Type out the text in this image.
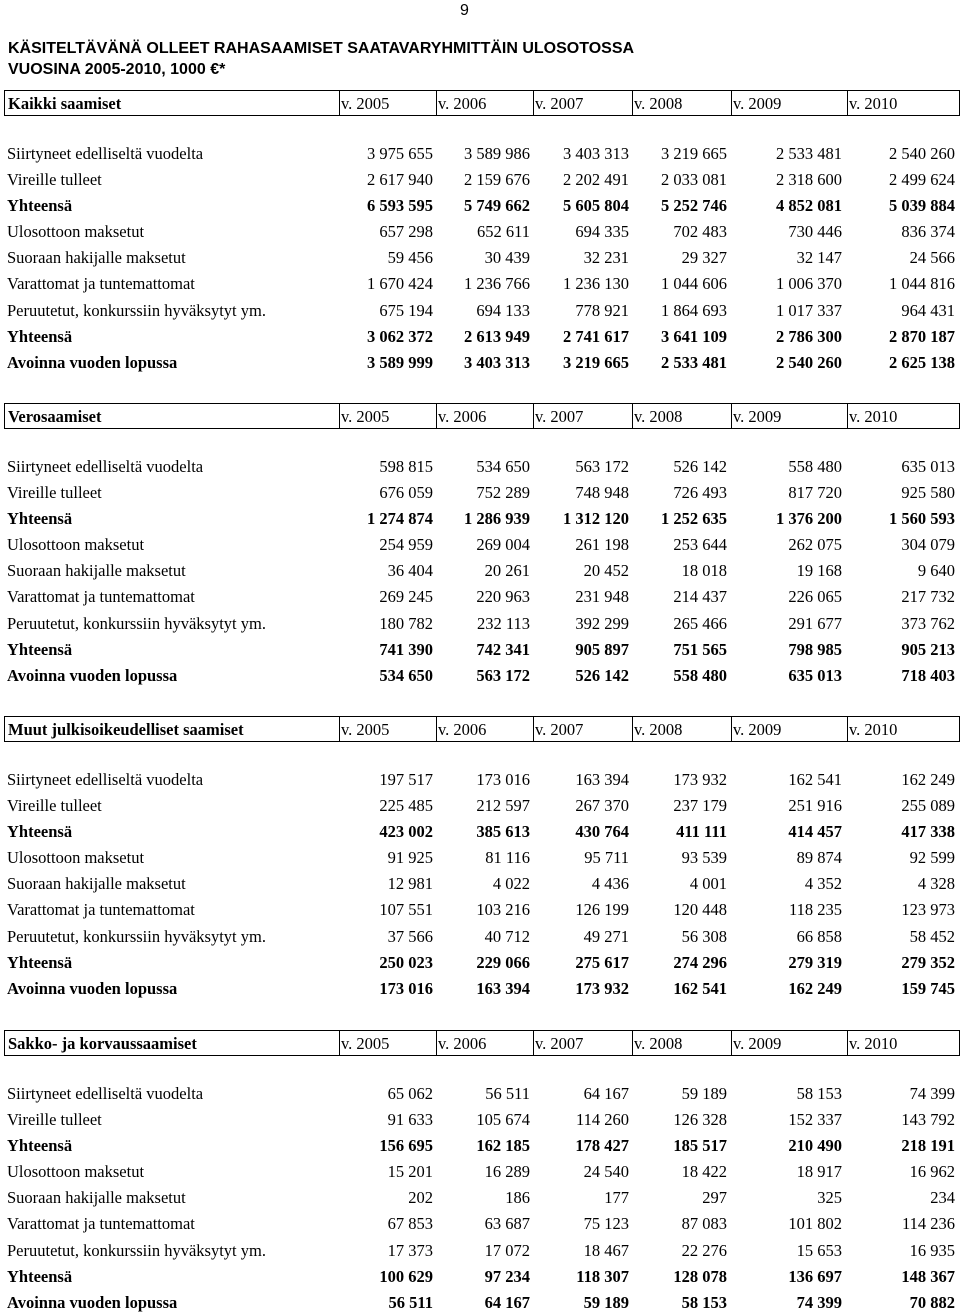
9
KÄSITELTÄVÄNÄ OLLEET RAHASAAMISET SAATAVARYHMITTÄIN ULOSOTOSSA
VUOSINA 2005-2010, 1000 €*
Kaikki saamiset	v. 2005	v. 2006	v. 2007	v. 2008	v. 2009	v. 2010
Siirtyneet edelliseltä vuodelta	3 975 655	3 589 986	3 403 313	3 219 665	2 533 481	2 540 260
Vireille tulleet	2 617 940	2 159 676	2 202 491	2 033 081	2 318 600	2 499 624
Yhteensä	6 593 595	5 749 662	5 605 804	5 252 746	4 852 081	5 039 884
Ulosottoon maksetut	657 298	652 611	694 335	702 483	730 446	836 374
Suoraan hakijalle maksetut	59 456	30 439	32 231	29 327	32 147	24 566
Varattomat ja tuntemattomat	1 670 424	1 236 766	1 236 130	1 044 606	1 006 370	1 044 816
Peruutetut, konkurssiin hyväksytyt ym.	675 194	694 133	778 921	1 864 693	1 017 337	964 431
Yhteensä	3 062 372	2 613 949	2 741 617	3 641 109	2 786 300	2 870 187
Avoinna vuoden lopussa	3 589 999	3 403 313	3 219 665	2 533 481	2 540 260	2 625 138
Verosaamiset	v. 2005	v. 2006	v. 2007	v. 2008	v. 2009	v. 2010
Siirtyneet edelliseltä vuodelta	598 815	534 650	563 172	526 142	558 480	635 013
Vireille tulleet	676 059	752 289	748 948	726 493	817 720	925 580
Yhteensä	1 274 874	1 286 939	1 312 120	1 252 635	1 376 200	1 560 593
Ulosottoon maksetut	254 959	269 004	261 198	253 644	262 075	304 079
Suoraan hakijalle maksetut	36 404	20 261	20 452	18 018	19 168	9 640
Varattomat ja tuntemattomat	269 245	220 963	231 948	214 437	226 065	217 732
Peruutetut, konkurssiin hyväksytyt ym.	180 782	232 113	392 299	265 466	291 677	373 762
Yhteensä	741 390	742 341	905 897	751 565	798 985	905 213
Avoinna vuoden lopussa	534 650	563 172	526 142	558 480	635 013	718 403
Muut julkisoikeudelliset saamiset	v. 2005	v. 2006	v. 2007	v. 2008	v. 2009	v. 2010
Siirtyneet edelliseltä vuodelta	197 517	173 016	163 394	173 932	162 541	162 249
Vireille tulleet	225 485	212 597	267 370	237 179	251 916	255 089
Yhteensä	423 002	385 613	430 764	411 111	414 457	417 338
Ulosottoon maksetut	91 925	81 116	95 711	93 539	89 874	92 599
Suoraan hakijalle maksetut	12 981	4 022	4 436	4 001	4 352	4 328
Varattomat ja tuntemattomat	107 551	103 216	126 199	120 448	118 235	123 973
Peruutetut, konkurssiin hyväksytyt ym.	37 566	40 712	49 271	56 308	66 858	58 452
Yhteensä	250 023	229 066	275 617	274 296	279 319	279 352
Avoinna vuoden lopussa	173 016	163 394	173 932	162 541	162 249	159 745
Sakko- ja korvaussaamiset	v. 2005	v. 2006	v. 2007	v. 2008	v. 2009	v. 2010
Siirtyneet edelliseltä vuodelta	65 062	56 511	64 167	59 189	58 153	74 399
Vireille tulleet	91 633	105 674	114 260	126 328	152 337	143 792
Yhteensä	156 695	162 185	178 427	185 517	210 490	218 191
Ulosottoon maksetut	15 201	16 289	24 540	18 422	18 917	16 962
Suoraan hakijalle maksetut	202	186	177	297	325	234
Varattomat ja tuntemattomat	67 853	63 687	75 123	87 083	101 802	114 236
Peruutetut, konkurssiin hyväksytyt ym.	17 373	17 072	18 467	22 276	15 653	16 935
Yhteensä	100 629	97 234	118 307	128 078	136 697	148 367
Avoinna vuoden lopussa	56 511	64 167	59 189	58 153	74 399	70 882
